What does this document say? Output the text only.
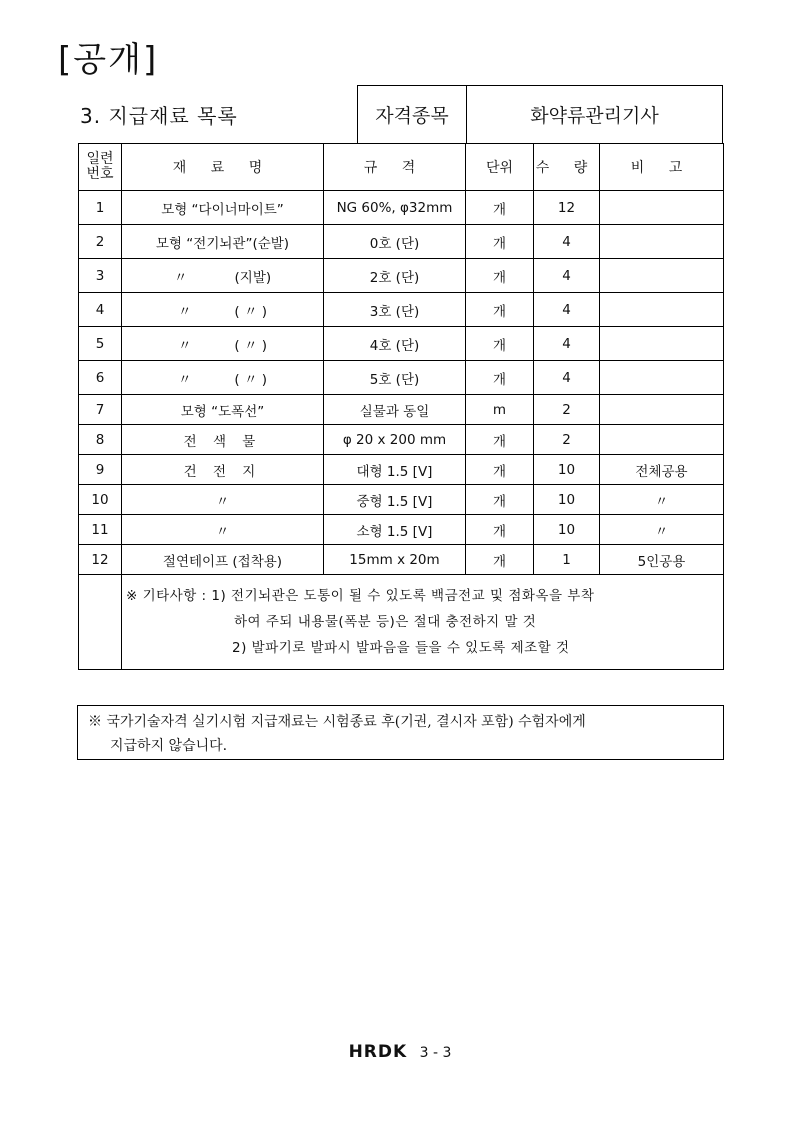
[공개]
3. 지급재료 목록	자격종목	화약류관리기사
일련
번호	재 료 명	규 격	단위	수 량	비 고
1	모형 “다이너마이트”	NG 60%, φ32mm	개	12	
2	모형 “전기뇌관”(순발)	0호 (단)	개	4	
3	〃           (지발)	2호 (단)	개	4	
4	〃          ( 〃 )	3호 (단)	개	4	
5	〃          ( 〃 )	4호 (단)	개	4	
6	〃          ( 〃 )	5호 (단)	개	4	
7	모형 “도폭선”	실물과 동일	m	2	
8	전 색 물	φ 20 x 200 mm	개	2	
9	건 전 지	대형 1.5 [V]	개	10	전체공용
10	〃	중형 1.5 [V]	개	10	〃
11	〃	소형 1.5 [V]	개	10	〃
12	절연테이프 (접착용)	15mm x 20m	개	1	5인공용

	※ 기타사항 : 1) 전기뇌관은 도통이 될 수 있도록 백금전교 및 점화옥을 부착
하여 주되 내용물(폭분 등)은 절대 충전하지 말 것
2) 발파기로 발파시 발파음을 들을 수 있도록 제조할 것				
※ 국가기술자격 실기시험 지급재료는 시험종료 후(기권, 결시자 포함) 수험자에게
지급하지 않습니다.
HRDK 3 - 3
